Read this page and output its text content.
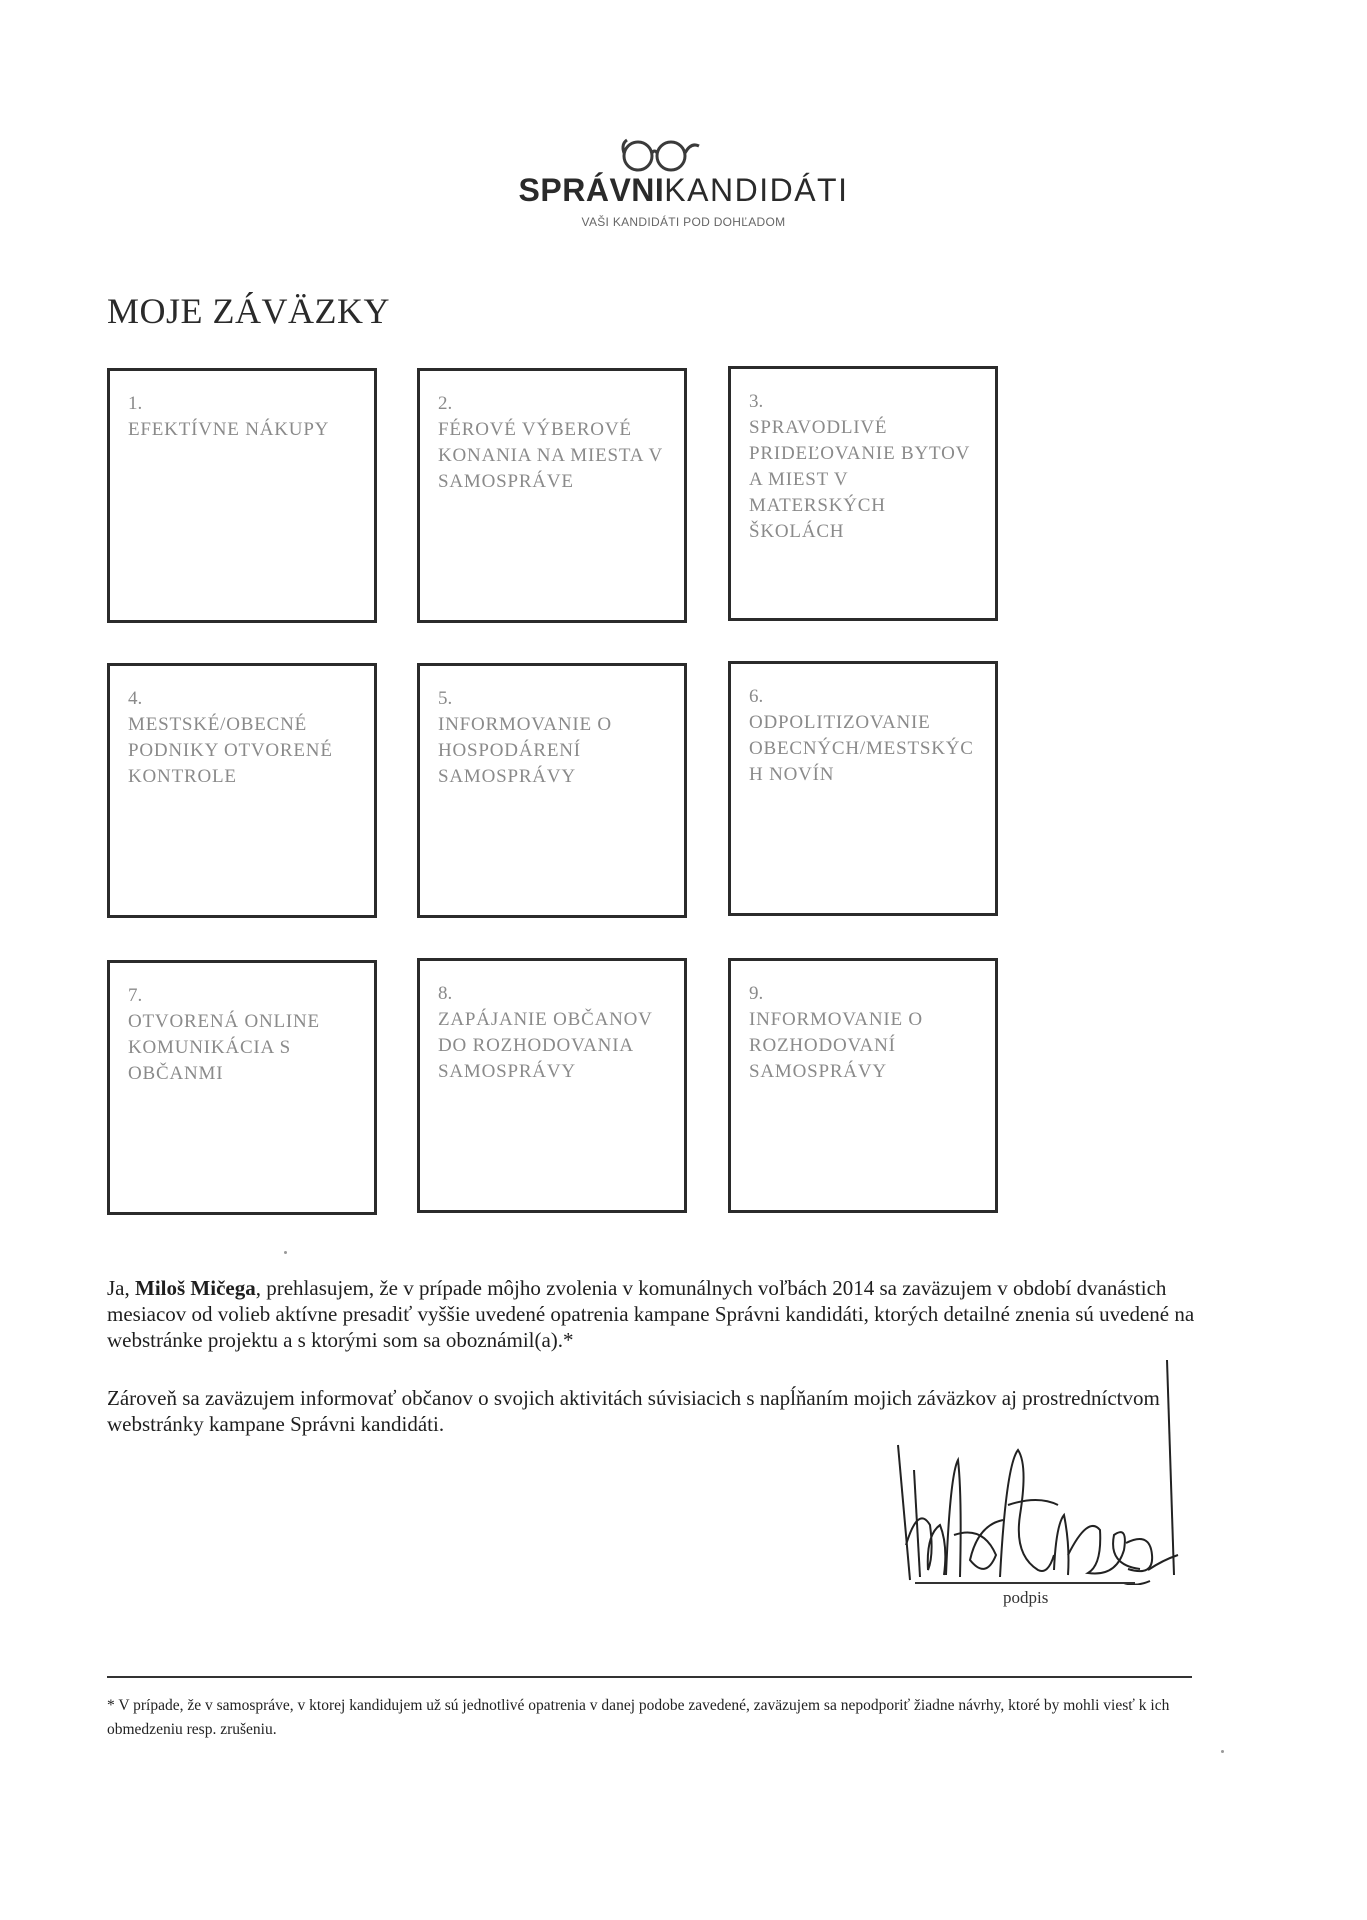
SPRÁVNIKANDIDÁTI
VAŠI KANDIDÁTI POD DOHĽADOM
MOJE ZÁVÄZKY
1.
EFEKTÍVNE NÁKUPY
2.
FÉROVÉ VÝBEROVÉ KONANIA NA MIESTA V SAMOSPRÁVE
3.
SPRAVODLIVÉ PRIDEĽOVANIE BYTOV A MIEST V MATERSKÝCH ŠKOLÁCH
4.
MESTSKÉ/OBECNÉ PODNIKY OTVORENÉ KONTROLE
5.
INFORMOVANIE O HOSPODÁRENÍ SAMOSPRÁVY
6.
ODPOLITIZOVANIE OBECNÝCH/MESTSKÝC H NOVÍN
7.
OTVORENÁ ONLINE KOMUNIKÁCIA S OBČANMI
8.
ZAPÁJANIE OBČANOV DO ROZHODOVANIA SAMOSPRÁVY
9.
INFORMOVANIE O ROZHODOVANÍ SAMOSPRÁVY
Ja, Miloš Mičega, prehlasujem, že v prípade môjho zvolenia v komunálnych voľbách 2014 sa zaväzujem v období dvanástich mesiacov od volieb aktívne presadiť vyššie uvedené opatrenia kampane Správni kandidáti, ktorých detailné znenia sú uvedené na webstránke projektu a s ktorými som sa oboznámil(a).*
Zároveň sa zaväzujem informovať občanov o svojich aktivitách súvisiacich s napĺňaním mojich záväzkov aj prostredníctvom webstránky kampane Správni kandidáti.
podpis
* V prípade, že v samospráve, v ktorej kandidujem už sú jednotlivé opatrenia v danej podobe zavedené, zaväzujem sa nepodporiť žiadne návrhy, ktoré by mohli viesť k ich obmedzeniu resp. zrušeniu.
